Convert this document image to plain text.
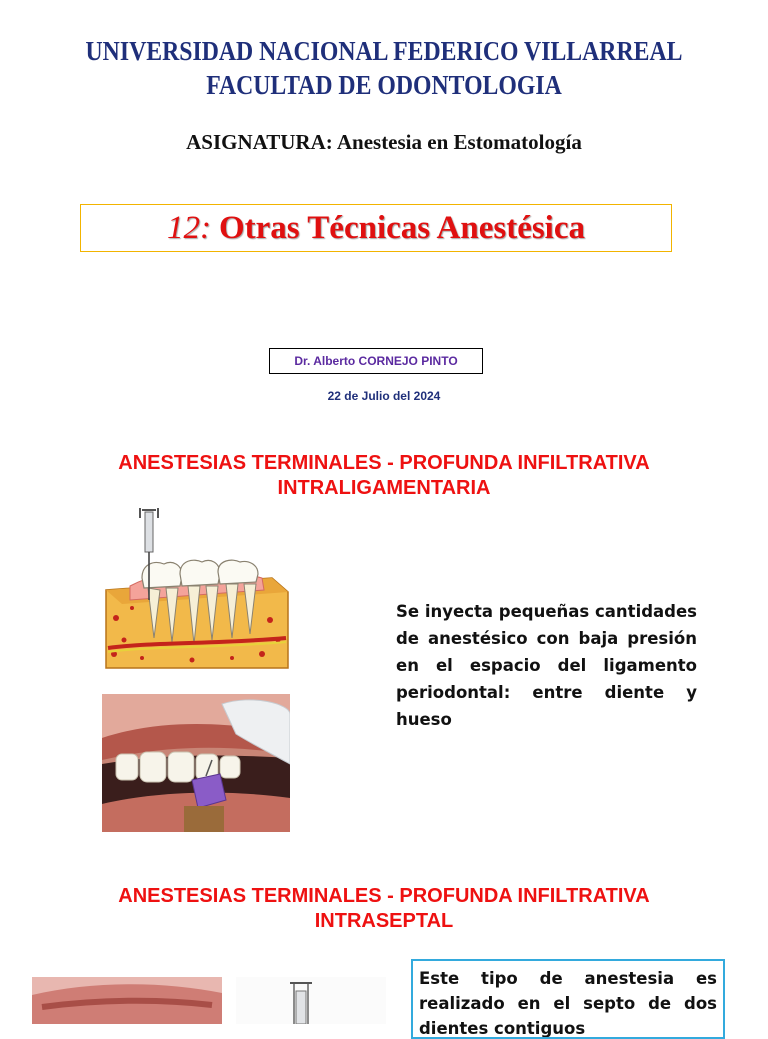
UNIVERSIDAD NACIONAL FEDERICO VILLARREAL
FACULTAD DE ODONTOLOGIA
ASIGNATURA: Anestesia en Estomatología
12: Otras Técnicas Anestésica
Dr. Alberto CORNEJO PINTO
22 de Julio del 2024
ANESTESIAS TERMINALES - PROFUNDA INFILTRATIVA
INTRALIGAMENTARIA
Se inyecta pequeñas cantidades de anestésico con baja presión en el espacio del ligamento periodontal: entre diente y hueso
ANESTESIAS TERMINALES - PROFUNDA INFILTRATIVA
INTRASEPTAL
Este tipo de anestesia es realizado en el septo de dos dientes contiguos
